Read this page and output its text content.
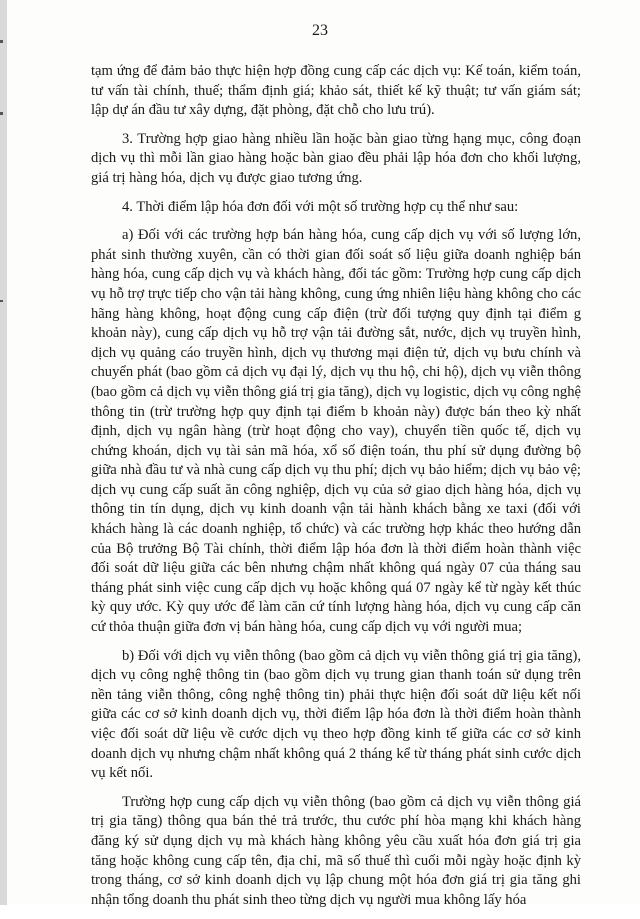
23

tạm ứng để đảm bảo thực hiện hợp đồng cung cấp các dịch vụ: Kế toán, kiểm toán, tư vấn tài chính, thuế; thẩm định giá; khảo sát, thiết kế kỹ thuật; tư vấn giám sát; lập dự án đầu tư xây dựng, đặt phòng, đặt chỗ cho lưu trú).

3. Trường hợp giao hàng nhiều lần hoặc bàn giao từng hạng mục, công đoạn dịch vụ thì mỗi lần giao hàng hoặc bàn giao đều phải lập hóa đơn cho khối lượng, giá trị hàng hóa, dịch vụ được giao tương ứng.

4. Thời điểm lập hóa đơn đối với một số trường hợp cụ thể như sau:

a) Đối với các trường hợp bán hàng hóa, cung cấp dịch vụ với số lượng lớn, phát sinh thường xuyên, cần có thời gian đối soát số liệu giữa doanh nghiệp bán hàng hóa, cung cấp dịch vụ và khách hàng, đối tác gồm: Trường hợp cung cấp dịch vụ hỗ trợ trực tiếp cho vận tải hàng không, cung ứng nhiên liệu hàng không cho các hãng hàng không, hoạt động cung cấp điện (trừ đối tượng quy định tại điểm g khoản này), cung cấp dịch vụ hỗ trợ vận tải đường sắt, nước, dịch vụ truyền hình, dịch vụ quảng cáo truyền hình, dịch vụ thương mại điện tử, dịch vụ bưu chính và chuyển phát (bao gồm cả dịch vụ đại lý, dịch vụ thu hộ, chi hộ), dịch vụ viễn thông (bao gồm cả dịch vụ viễn thông giá trị gia tăng), dịch vụ logistic, dịch vụ công nghệ thông tin (trừ trường hợp quy định tại điểm b khoản này) được bán theo kỳ nhất định, dịch vụ ngân hàng (trừ hoạt động cho vay), chuyển tiền quốc tế, dịch vụ chứng khoán, dịch vụ tài sản mã hóa, xổ số điện toán, thu phí sử dụng đường bộ giữa nhà đầu tư và nhà cung cấp dịch vụ thu phí; dịch vụ bảo hiểm; dịch vụ bảo vệ; dịch vụ cung cấp suất ăn công nghiệp, dịch vụ của sở giao dịch hàng hóa, dịch vụ thông tin tín dụng, dịch vụ kinh doanh vận tải hành khách bằng xe taxi (đối với khách hàng là các doanh nghiệp, tổ chức) và các trường hợp khác theo hướng dẫn của Bộ trưởng Bộ Tài chính, thời điểm lập hóa đơn là thời điểm hoàn thành việc đối soát dữ liệu giữa các bên nhưng chậm nhất không quá ngày 07 của tháng sau tháng phát sinh việc cung cấp dịch vụ hoặc không quá 07 ngày kể từ ngày kết thúc kỳ quy ước. Kỳ quy ước để làm căn cứ tính lượng hàng hóa, dịch vụ cung cấp căn cứ thỏa thuận giữa đơn vị bán hàng hóa, cung cấp dịch vụ với người mua;

b) Đối với dịch vụ viễn thông (bao gồm cả dịch vụ viễn thông giá trị gia tăng), dịch vụ công nghệ thông tin (bao gồm dịch vụ trung gian thanh toán sử dụng trên nền tảng viễn thông, công nghệ thông tin) phải thực hiện đối soát dữ liệu kết nối giữa các cơ sở kinh doanh dịch vụ, thời điểm lập hóa đơn là thời điểm hoàn thành việc đối soát dữ liệu về cước dịch vụ theo hợp đồng kinh tế giữa các cơ sở kinh doanh dịch vụ nhưng chậm nhất không quá 2 tháng kể từ tháng phát sinh cước dịch vụ kết nối.

Trường hợp cung cấp dịch vụ viễn thông (bao gồm cả dịch vụ viễn thông giá trị gia tăng) thông qua bán thẻ trả trước, thu cước phí hòa mạng khi khách hàng đăng ký sử dụng dịch vụ mà khách hàng không yêu cầu xuất hóa đơn giá trị gia tăng hoặc không cung cấp tên, địa chỉ, mã số thuế thì cuối mỗi ngày hoặc định kỳ trong tháng, cơ sở kinh doanh dịch vụ lập chung một hóa đơn giá trị gia tăng ghi nhận tổng doanh thu phát sinh theo từng dịch vụ người mua không lấy hóa
